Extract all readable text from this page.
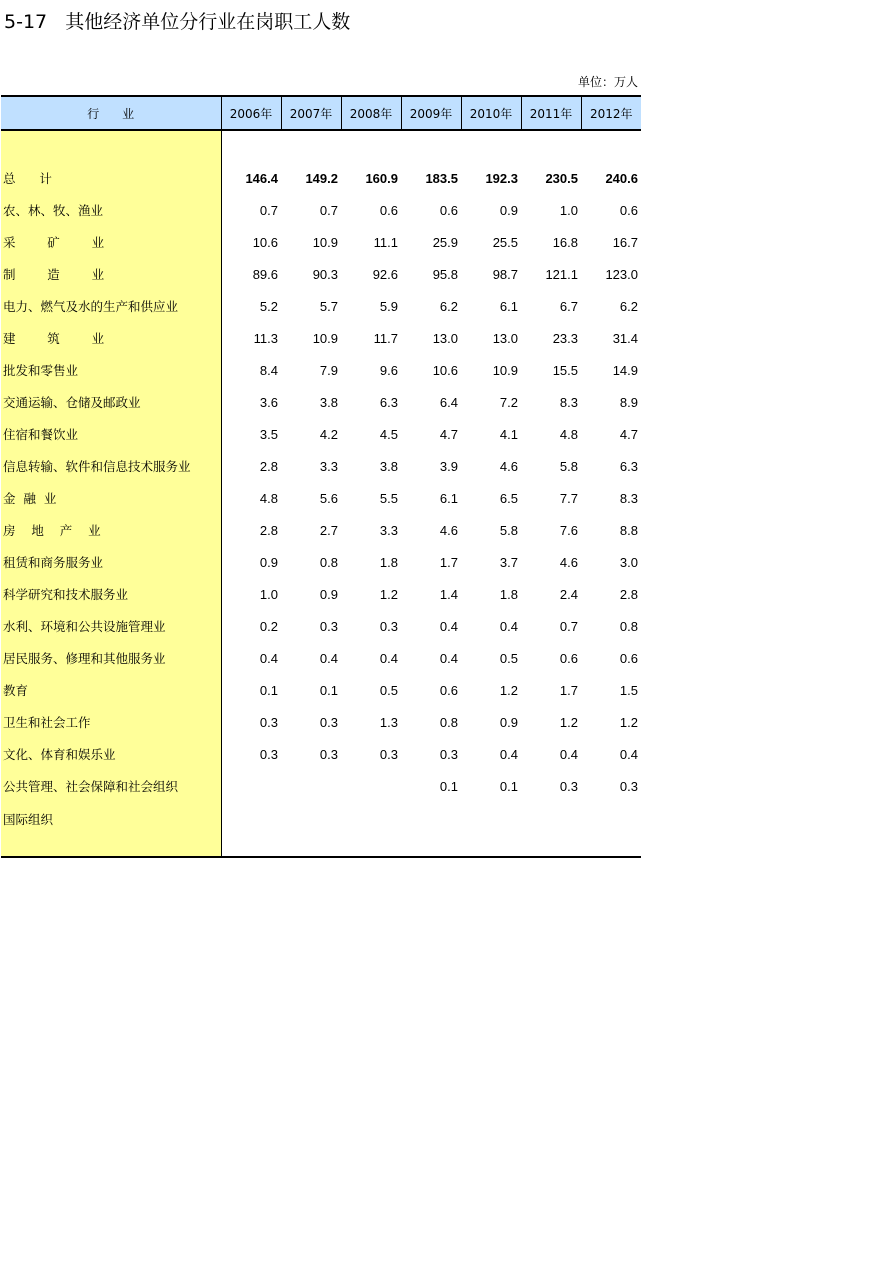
5-17   其他经济单位分行业在岗职工人数
单位：万人
行      业	2006年	2007年	2008年	2009年	2010年	2011年	2012年

总      计	146.4	149.2	160.9	183.5	192.3	230.5	240.6
农、林、牧、渔业	0.7	0.7	0.6	0.6	0.9	1.0	0.6
采        矿        业	10.6	10.9	11.1	25.9	25.5	16.8	16.7
制        造        业	89.6	90.3	92.6	95.8	98.7	121.1	123.0
电力、燃气及水的生产和供应业	5.2	5.7	5.9	6.2	6.1	6.7	6.2
建        筑        业	11.3	10.9	11.7	13.0	13.0	23.3	31.4
批发和零售业	8.4	7.9	9.6	10.6	10.9	15.5	14.9
交通运输、仓储及邮政业	3.6	3.8	6.3	6.4	7.2	8.3	8.9
住宿和餐饮业	3.5	4.2	4.5	4.7	4.1	4.8	4.7
信息转输、软件和信息技术服务业	2.8	3.3	3.8	3.9	4.6	5.8	6.3
金  融  业	4.8	5.6	5.5	6.1	6.5	7.7	8.3
房    地    产    业	2.8	2.7	3.3	4.6	5.8	7.6	8.8
租赁和商务服务业	0.9	0.8	1.8	1.7	3.7	4.6	3.0
科学研究和技术服务业	1.0	0.9	1.2	1.4	1.8	2.4	2.8
水利、环境和公共设施管理业	0.2	0.3	0.3	0.4	0.4	0.7	0.8
居民服务、修理和其他服务业	0.4	0.4	0.4	0.4	0.5	0.6	0.6
教育	0.1	0.1	0.5	0.6	1.2	1.7	1.5
卫生和社会工作	0.3	0.3	1.3	0.8	0.9	1.2	1.2
文化、体育和娱乐业	0.3	0.3	0.3	0.3	0.4	0.4	0.4
公共管理、社会保障和社会组织				0.1	0.1	0.3	0.3
国际组织							
